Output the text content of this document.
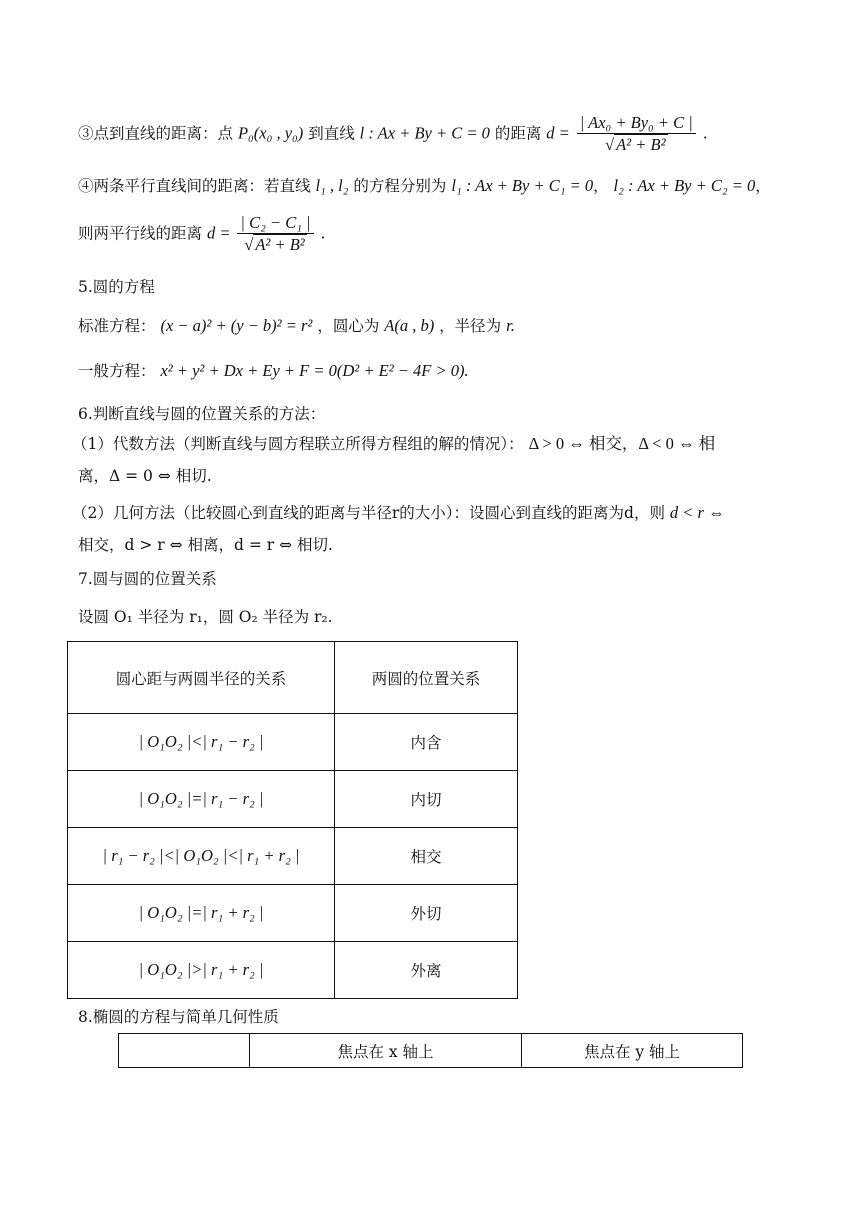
③点到直线的距离：点 P₀(x₀ , y₀) 到直线 l : Ax + By + C = 0 的距离 $d = \frac{\text{| Ax₀ + By₀ + C |}}{\text{√ A² + B²}}$ .
④两条平行直线间的距离：若直线 l₁ , l₂ 的方程分别为 l₁ : Ax + By + C₁ = 0， l₂ : Ax + By + C₂ = 0，
则两平行线的距离 $d = \frac{\text{| C₂ − C₁ |}}{\text{√ A² + B²}}$ .
5.圆的方程
标准方程： (x − a)² + (y − b)² = r² ，圆心为 A(a , b) ，半径为 r.
一般方程： x² + y² + Dx + Ey + F = 0(D² + E² − 4F > 0).
6.判断直线与圆的位置关系的方法：
（1）代数方法（判断直线与圆方程联立所得方程组的解的情况）： Δ > 0 ⇔ 相交，Δ < 0 ⇔ 相
离，Δ = 0 ⇔ 相切.
（2）几何方法（比较圆心到直线的距离与半径r的大小）：设圆心到直线的距离为d，则 d < r ⇔
相交，d > r ⇔ 相离，d = r ⇔ 相切.
7.圆与圆的位置关系
设圆 O₁ 半径为 r₁，圆 O₂ 半径为 r₂.
圆心距与两圆半径的关系	两圆的位置关系
| O₁O₂ |<| r₁ − r₂ |	内含
| O₁O₂ |=| r₁ − r₂ |	内切
| r₁ − r₂ |<| O₁O₂ |<| r₁ + r₂ |	相交
| O₁O₂ |=| r₁ + r₂ |	外切
| O₁O₂ |>| r₁ + r₂ |	外离
8.椭圆的方程与简单几何性质
	焦点在 x 轴上	焦点在 y 轴上
